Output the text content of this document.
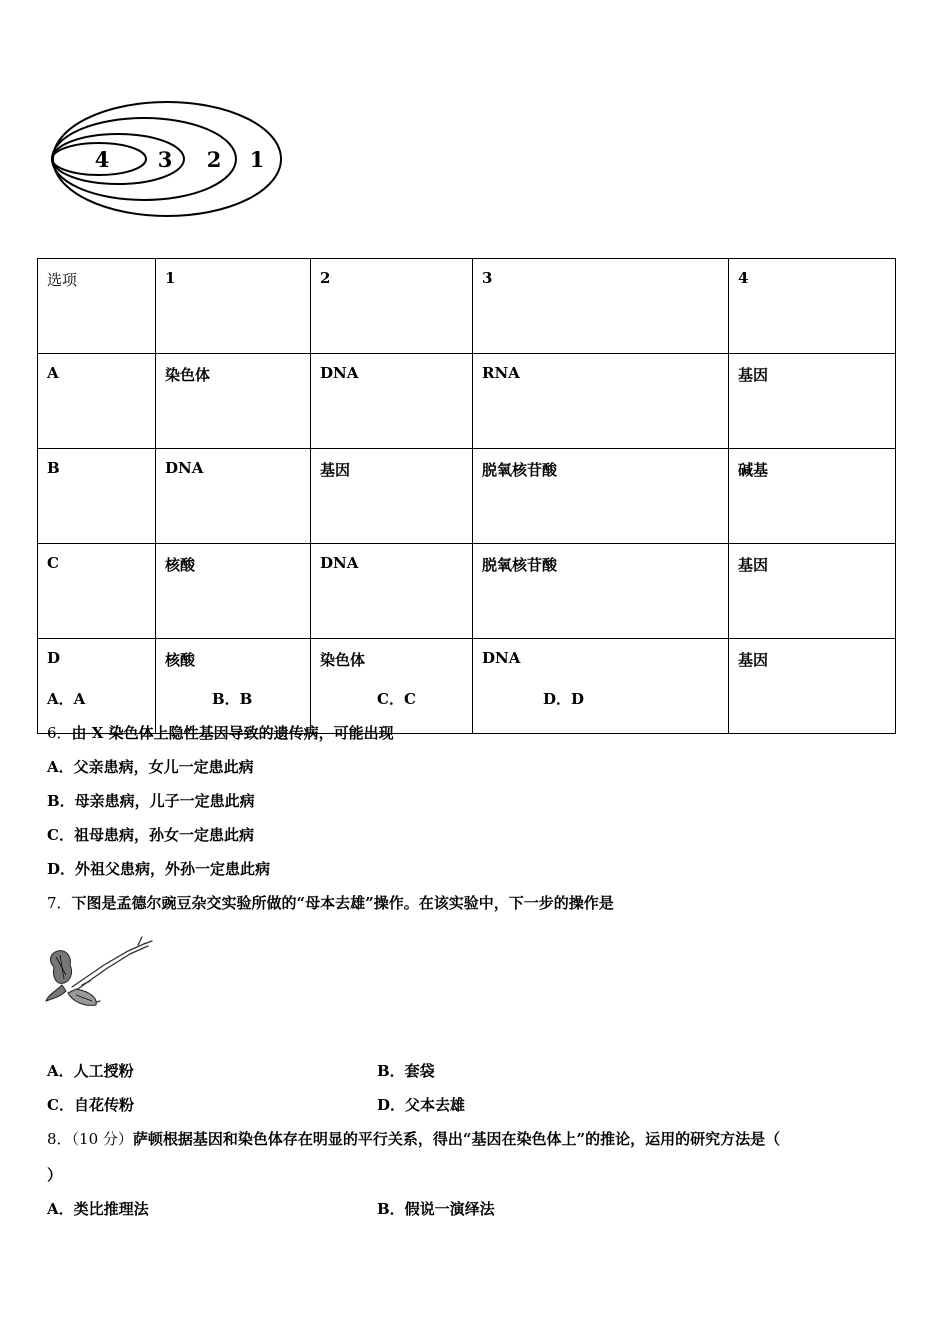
4 3 2 1
选项	1	2	3	4
A	染色体	DNA	RNA	基因
B	DNA	基因	脱氧核苷酸	碱基
C	核酸	DNA	脱氧核苷酸	基因
D	核酸	染色体	DNA	基因
A．A	B．B	C．C	D．D
6．由 X 染色体上隐性基因导致的遗传病，可能出现
A．父亲患病，女儿一定患此病
B．母亲患病，儿子一定患此病
C．祖母患病，孙女一定患此病
D．外祖父患病，外孙一定患此病
7．下图是孟德尔豌豆杂交实验所做的“母本去雄”操作。在该实验中，下一步的操作是
A．人工授粉	B．套袋
C．自花传粉	D．父本去雄
8．（10 分）萨顿根据基因和染色体存在明显的平行关系，得出“基因在染色体上”的推论，运用的研究方法是（
）
A．类比推理法	B．假说一演绎法
